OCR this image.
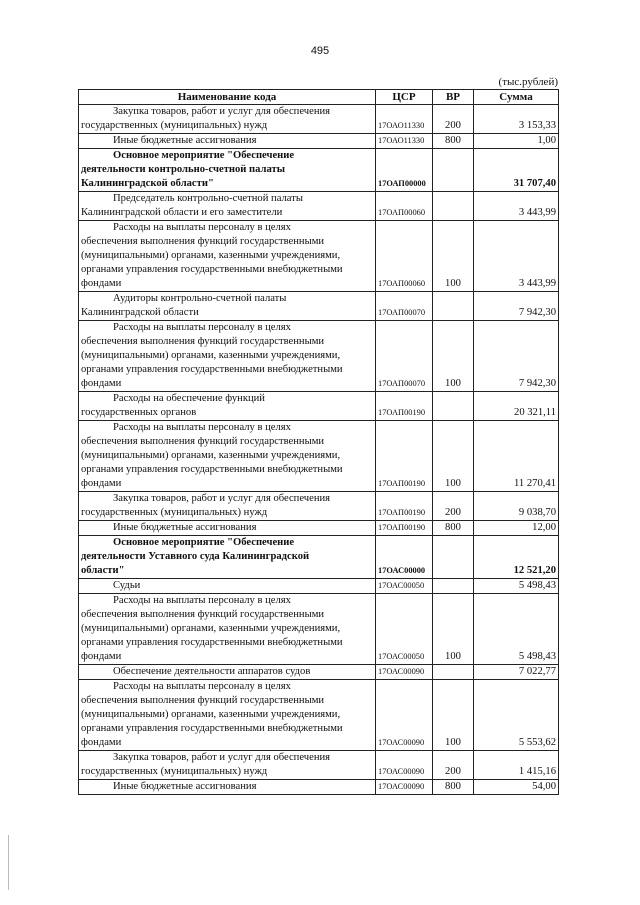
495
(тыс.рублей)
Наименование кода	ЦСР	ВР	Сумма

Закупка товаров, работ и услуг для обеспечения
государственных (муниципальных) нужд	17ОАО11330	200	3 153,33

Иные бюджетные ассигнования	17ОАО11330	800	1,00

Основное мероприятие "Обеспечение
деятельности контрольно-счетной палаты
Калининградской области"	17ОАП00000		31 707,40

Председатель контрольно-счетной палаты
Калининградской области и его заместители	17ОАП00060		3 443,99

Расходы на выплаты персоналу в целях
обеспечения выполнения функций государственными
(муниципальными) органами, казенными учреждениями,
органами управления государственными внебюджетными
фондами	17ОАП00060	100	3 443,99

Аудиторы контрольно-счетной палаты
Калининградской области	17ОАП00070		7 942,30

Расходы на выплаты персоналу в целях
обеспечения выполнения функций государственными
(муниципальными) органами, казенными учреждениями,
органами управления государственными внебюджетными
фондами	17ОАП00070	100	7 942,30

Расходы на обеспечение функций
государственных органов	17ОАП00190		20 321,11

Расходы на выплаты персоналу в целях
обеспечения выполнения функций государственными
(муниципальными) органами, казенными учреждениями,
органами управления государственными внебюджетными
фондами	17ОАП00190	100	11 270,41

Закупка товаров, работ и услуг для обеспечения
государственных (муниципальных) нужд	17ОАП00190	200	9 038,70

Иные бюджетные ассигнования	17ОАП00190	800	12,00

Основное мероприятие "Обеспечение
деятельности Уставного суда Калининградской
области"	17ОАС00000		12 521,20

Судьи	17ОАС00050		5 498,43

Расходы на выплаты персоналу в целях
обеспечения выполнения функций государственными
(муниципальными) органами, казенными учреждениями,
органами управления государственными внебюджетными
фондами	17ОАС00050	100	5 498,43

Обеспечение деятельности аппаратов судов	17ОАС00090		7 022,77

Расходы на выплаты персоналу в целях
обеспечения выполнения функций государственными
(муниципальными) органами, казенными учреждениями,
органами управления государственными внебюджетными
фондами	17ОАС00090	100	5 553,62

Закупка товаров, работ и услуг для обеспечения
государственных (муниципальных) нужд	17ОАС00090	200	1 415,16

Иные бюджетные ассигнования	17ОАС00090	800	54,00
